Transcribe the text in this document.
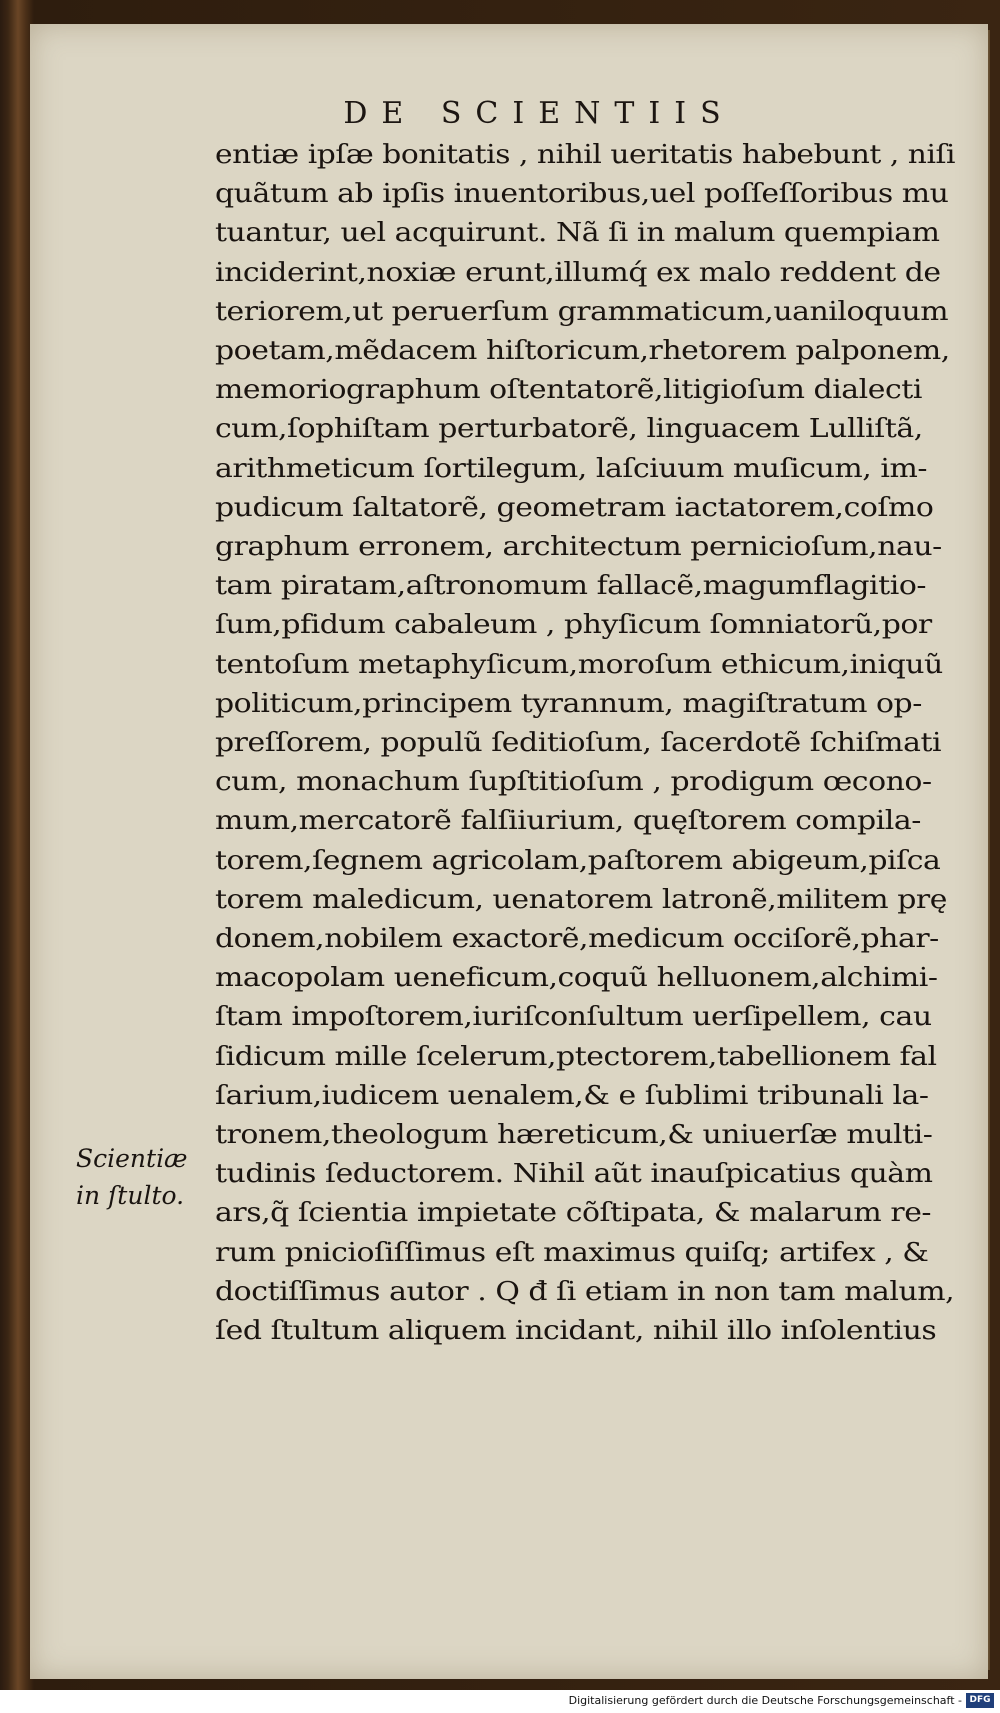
DE SCIENTIIS
entiæ ipſæ bonitatis , nihil ueritatis habebunt , niſi
quãtum ab ipſis inuentoribus,uel poſſeſſoribus mu
tuantur, uel acquirunt. Nã ſi in malum quempiam
inciderint,noxiæ erunt,illumq́ ex malo reddent de
teriorem,ut peruerſum grammaticum,uaniloquum
poetam,mẽdacem hiſtoricum,rhetorem palponem,
memoriographum oſtentatorẽ,litigioſum dialecti
cum,ſophiſtam perturbatorẽ, linguacem Lulliſtã,
arithmeticum ſortilegum, laſciuum muſicum, im-
pudicum ſaltatorẽ, geometram iactatorem,coſmo
graphum erronem, architectum pernicioſum,nau-
tam piratam,aſtronomum fallacẽ,magumflagitio-
ſum,pfidum cabaleum , phyſicum ſomniatorũ,por
tentoſum metaphyſicum,moroſum ethicum,iniquũ
politicum,principem tyrannum, magiſtratum op-
preſſorem, populũ ſeditioſum, ſacerdotẽ ſchiſmati
cum, monachum ſupſtitioſum , prodigum œcono-
mum,mercatorẽ falſiiurium, quęſtorem compila-
torem,ſegnem agricolam,paſtorem abigeum,piſca
torem maledicum, uenatorem latronẽ,militem prę
donem,nobilem exactorẽ,medicum occiſorẽ,phar-
macopolam ueneficum,coquũ helluonem,alchimi-
ſtam impoſtorem,iuriſconſultum uerſipellem, cau
ſidicum mille ſcelerum,ptectorem,tabellionem fal
ſarium,iudicem uenalem,& e ſublimi tribunali la-
tronem,theologum hæreticum,& uniuerſæ multi-
tudinis ſeductorem. Nihil aũt inauſpicatius quàm
ars,q̃ ſcientia impietate cõſtipata, & malarum re-
rum pnicioſiſſimus eſt maximus quiſq; artifex , &
doctiſſimus autor . Q đ ſi etiam in non tam malum,
ſed ſtultum aliquem incidant, nihil illo inſolentius
Scientiæ
in ſtulto.
Digitalisierung gefördert durch die Deutsche Forschungsgemeinschaft - DFG
